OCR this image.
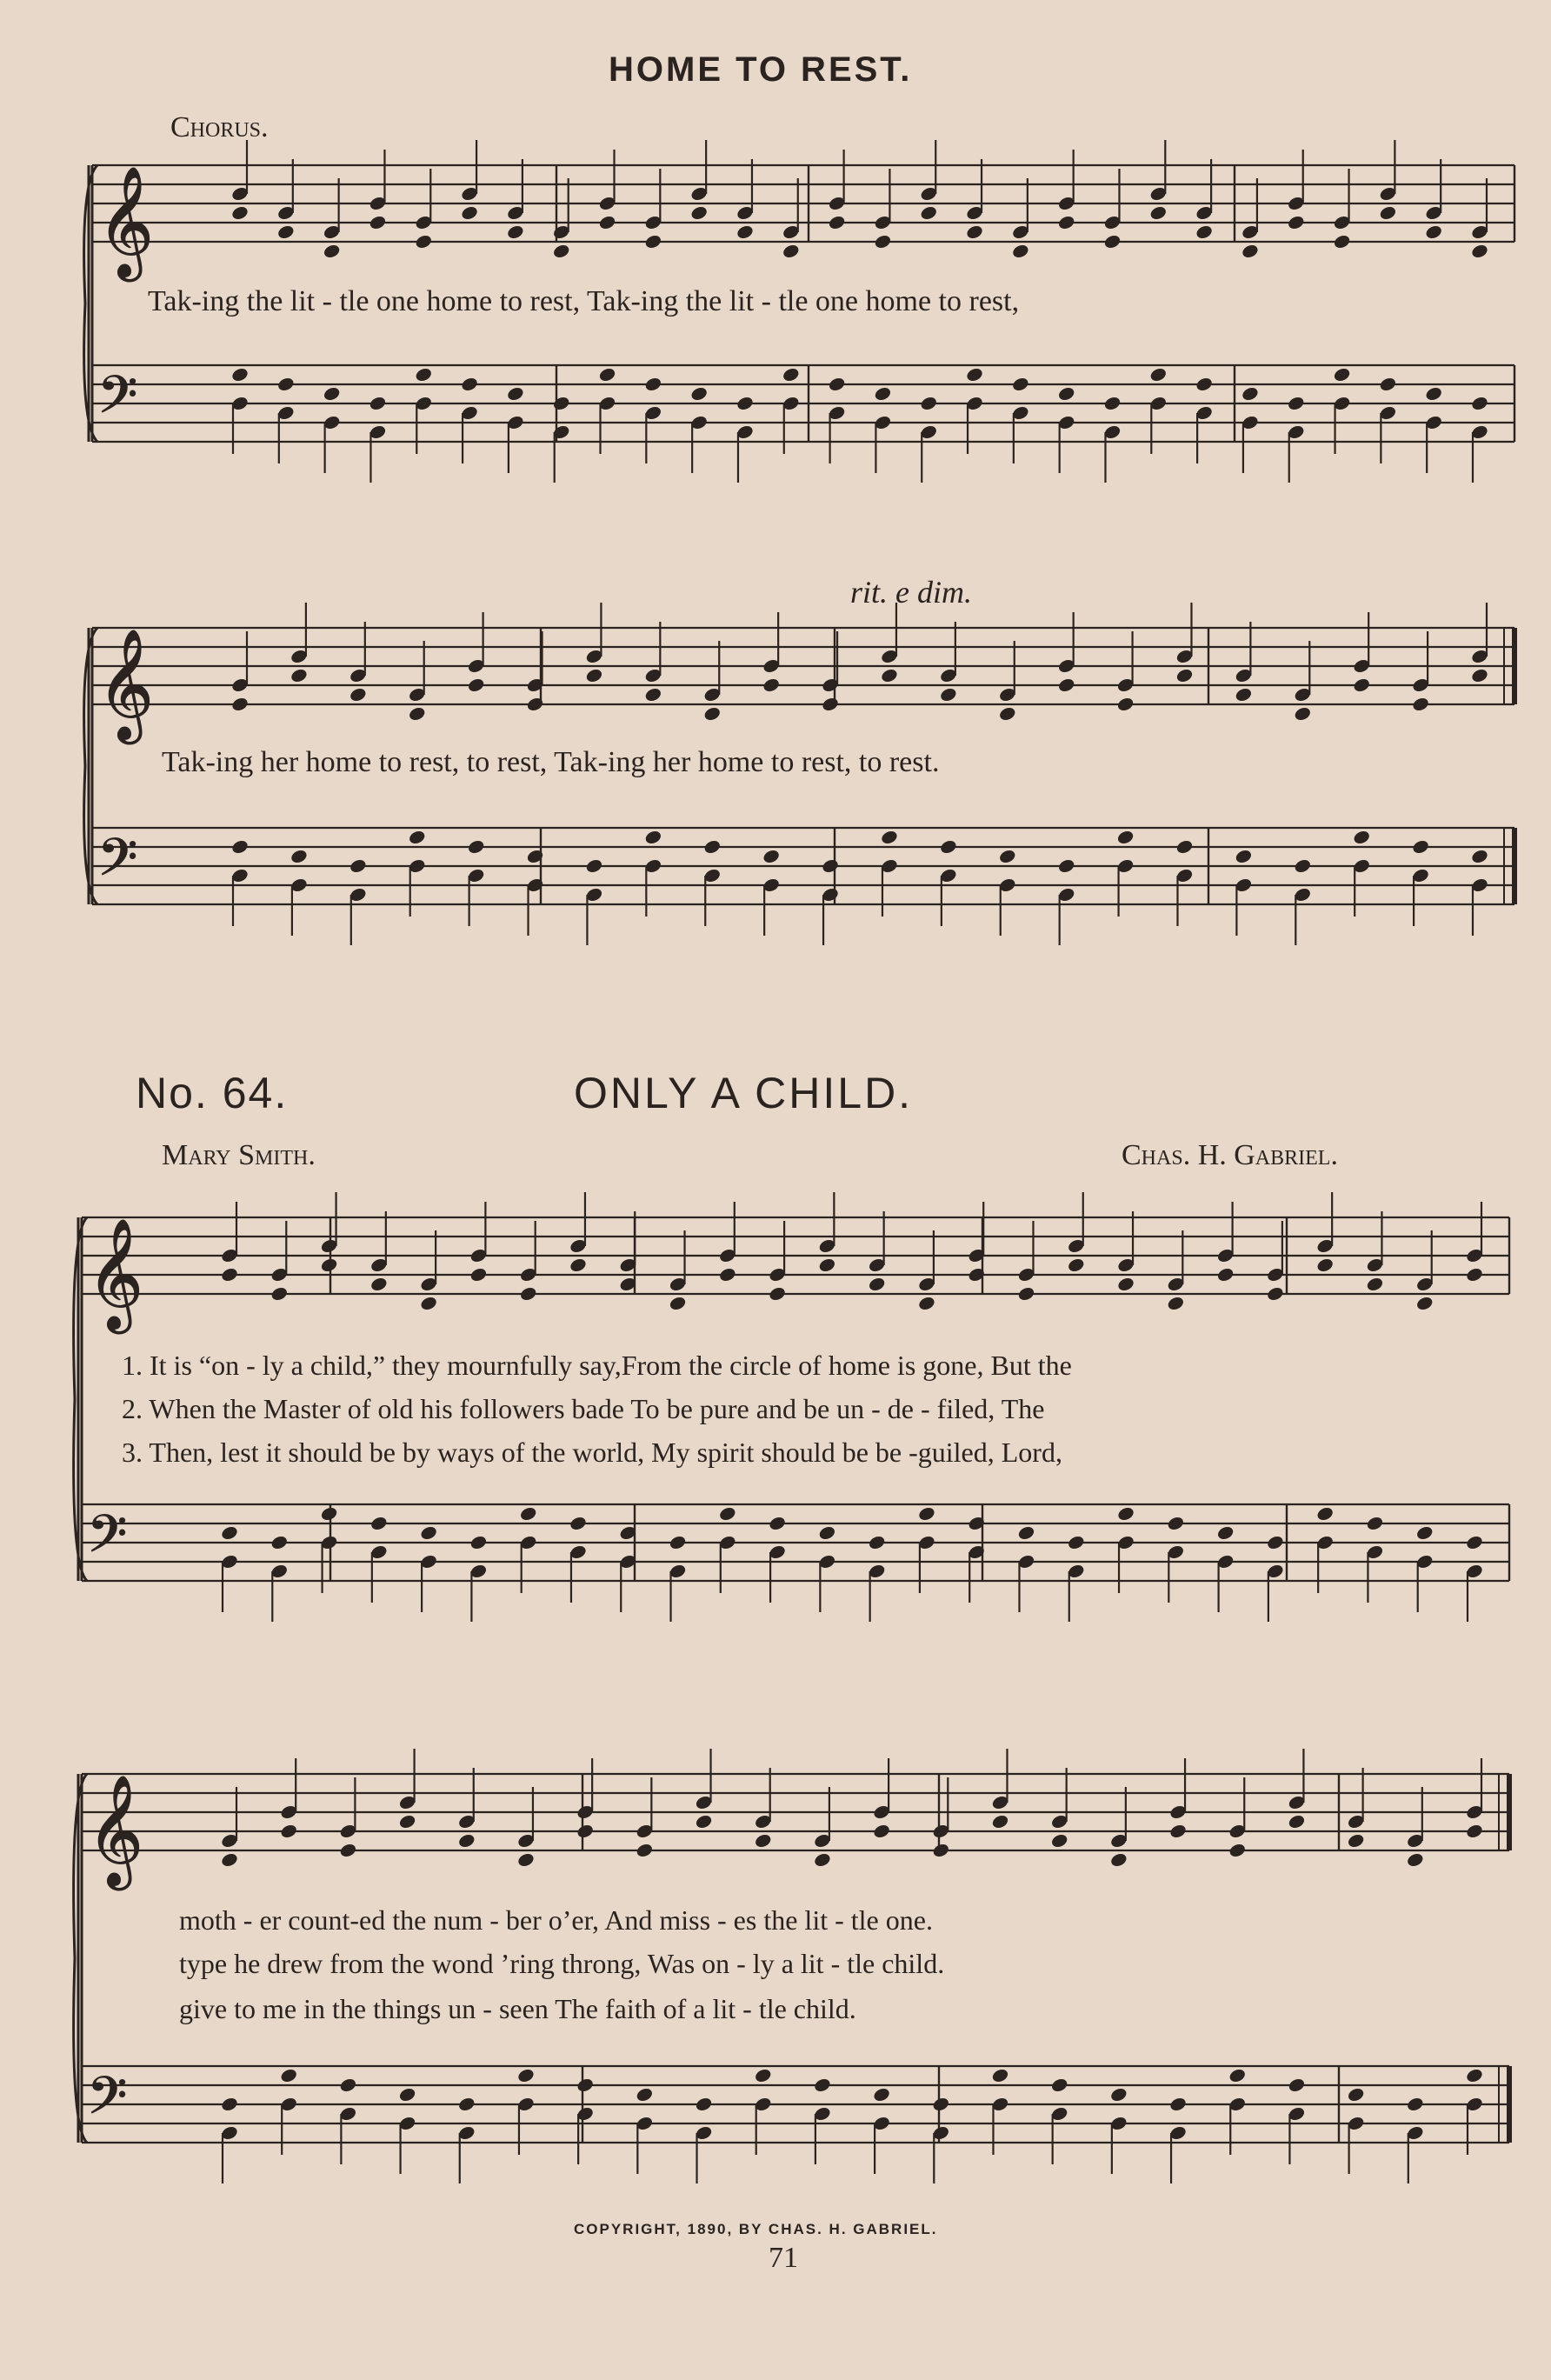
HOME TO REST.
Chorus.
𝄞
𝄢
𝄞
𝄢
𝄞
𝄢
𝄞
𝄢
Tak-ing the lit - tle one home to rest, Tak-ing the lit - tle one home to rest,
rit. e dim.
Tak-ing her home to rest, to rest, Tak-ing her home to rest, to rest.
No. 64.	ONLY A CHILD.
Mary Smith.	Chas. H. Gabriel.
1. It is “on - ly a child,” they mournfully say,From the circle of home is gone, But the
2. When the Master of old his followers bade To be pure and be un - de - filed, The
3. Then, lest it should be by ways of the world, My spirit should be be -guiled, Lord,
moth - er count-ed the num - ber o’er, And miss - es the lit - tle one.
type he drew from the wond ’ring throng, Was on - ly a lit - tle child.
give to me in the things un - seen The faith of a lit - tle child.
COPYRIGHT, 1890, BY CHAS. H. GABRIEL.
71
